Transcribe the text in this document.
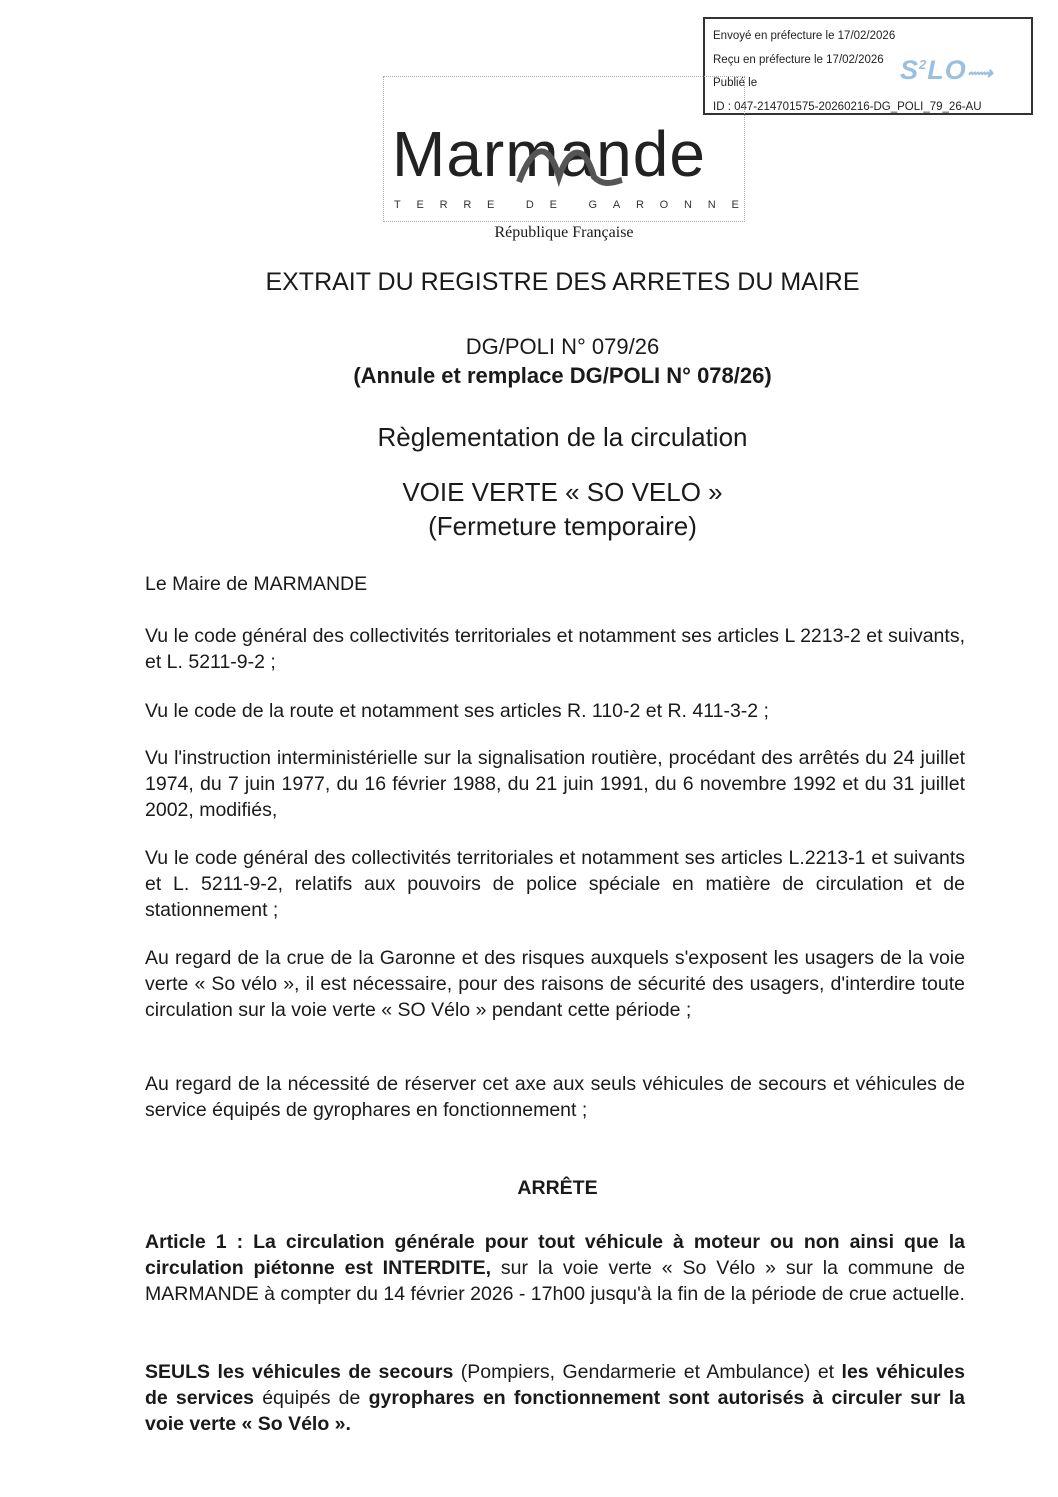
Envoyé en préfecture le 17/02/2026
Reçu en préfecture le 17/02/2026
Publié le
ID : 047-214701575-20260216-DG_POLI_79_26-AU
$S^2LO⟿$
Marmande
T E R R E	D E	G A R O N N E
République Française
EXTRAIT DU REGISTRE DES ARRETES DU MAIRE
DG/POLI N° 079/26
(Annule et remplace DG/POLI N° 078/26)
Règlementation de la circulation
VOIE VERTE « SO VELO »
(Fermeture temporaire)
Le Maire de MARMANDE
Vu le code général des collectivités territoriales et notamment ses articles L 2213-2 et suivants, et L. 5211-9-2 ;
Vu le code de la route et notamment ses articles R. 110-2 et R. 411-3-2 ;
Vu l'instruction interministérielle sur la signalisation routière, procédant des arrêtés du 24 juillet 1974, du 7 juin 1977, du 16 février 1988, du 21 juin 1991, du 6 novembre 1992 et du 31 juillet 2002, modifiés,
Vu le code général des collectivités territoriales et notamment ses articles L.2213-1 et suivants et L. 5211-9-2, relatifs aux pouvoirs de police spéciale en matière de circulation et de stationnement ;
Au regard de la crue de la Garonne et des risques auxquels s'exposent les usagers de la voie verte « So vélo », il est nécessaire, pour des raisons de sécurité des usagers, d'interdire toute circulation sur la voie verte « SO Vélo » pendant cette période ;
Au regard de la nécessité de réserver cet axe aux seuls véhicules de secours et véhicules de service équipés de gyrophares en fonctionnement ;
ARRÊTE
Article 1 : La circulation générale pour tout véhicule à moteur ou non ainsi que la circulation piétonne est INTERDITE, sur la voie verte « So Vélo » sur la commune de MARMANDE à compter du 14 février 2026 - 17h00 jusqu'à la fin de la période de crue actuelle.
SEULS les véhicules de secours (Pompiers, Gendarmerie et Ambulance) et les véhicules de services équipés de gyrophares en fonctionnement sont autorisés à circuler sur la voie verte « So Vélo ».
